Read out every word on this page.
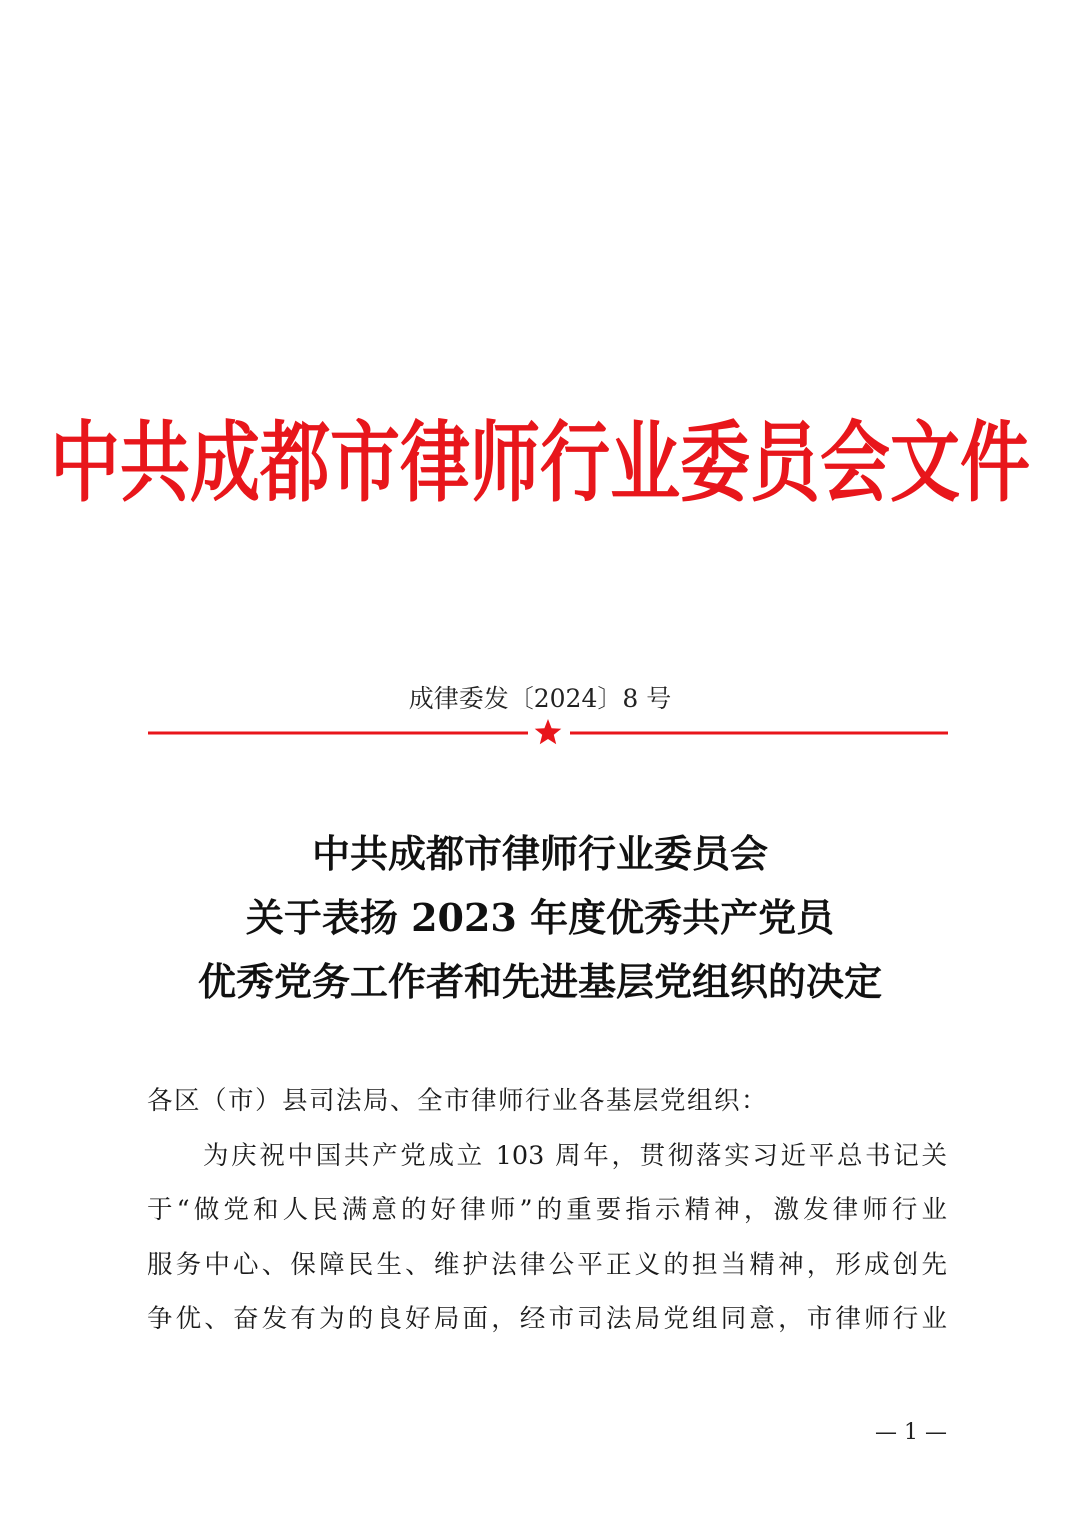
中共成都市律师行业委员会文件
成律委发〔2024〕8 号
中共成都市律师行业委员会
关于表扬 2023 年度优秀共产党员
优秀党务工作者和先进基层党组织的决定
各区（市）县司法局、全市律师行业各基层党组织：
为庆祝中国共产党成立 103 周年，贯彻落实习近平总书记关
于“做党和人民满意的好律师”的重要指示精神，激发律师行业
服务中心、保障民生、维护法律公平正义的担当精神，形成创先
争优、奋发有为的良好局面，经市司法局党组同意，市律师行业
— 1 —
